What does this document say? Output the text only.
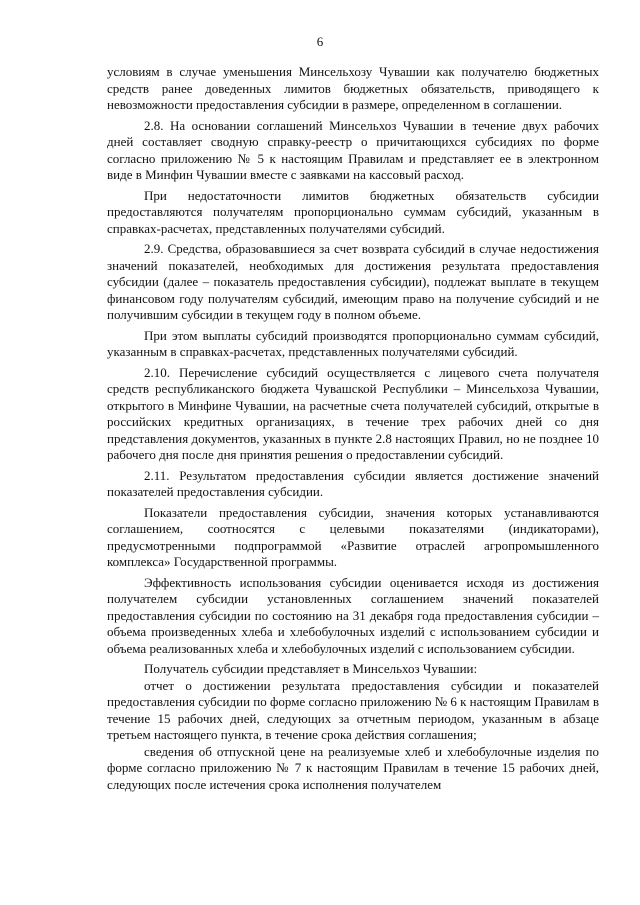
6

условиям в случае уменьшения Минсельхозу Чувашии как получателю бюджетных средств ранее доведенных лимитов бюджетных обязательств, приводящего к невозможности предоставления субсидии в размере, определенном в соглашении.

2.8. На основании соглашений Минсельхоз Чувашии в течение двух рабочих дней составляет сводную справку-реестр о причитающихся субсидиях по форме согласно приложению № 5 к настоящим Правилам и представляет ее в электронном виде в Минфин Чувашии вместе с заявками на кассовый расход.

При недостаточности лимитов бюджетных обязательств субсидии предоставляются получателям пропорционально суммам субсидий, указанным в справках-расчетах, представленных получателями субсидий.

2.9. Средства, образовавшиеся за счет возврата субсидий в случае недостижения значений показателей, необходимых для достижения результата предоставления субсидии (далее – показатель предоставления субсидии), подлежат выплате в текущем финансовом году получателям субсидий, имеющим право на получение субсидий и не получившим субсидии в текущем году в полном объеме.

При этом выплаты субсидий производятся пропорционально суммам субсидий, указанным в справках-расчетах, представленных получателями субсидий.

2.10. Перечисление субсидий осуществляется с лицевого счета получателя средств республиканского бюджета Чувашской Республики – Минсельхоза Чувашии, открытого в Минфине Чувашии, на расчетные счета получателей субсидий, открытые в российских кредитных организациях, в течение трех рабочих дней со дня представления документов, указанных в пункте 2.8 настоящих Правил, но не позднее 10 рабочего дня после дня принятия решения о предоставлении субсидий.

2.11. Результатом предоставления субсидии является достижение значений показателей предоставления субсидии.

Показатели предоставления субсидии, значения которых устанавливаются соглашением, соотносятся с целевыми показателями (индикаторами), предусмотренными подпрограммой «Развитие отраслей агропромышленного комплекса» Государственной программы.

Эффективность использования субсидии оценивается исходя из достижения получателем субсидии установленных соглашением значений показателей предоставления субсидии по состоянию на 31 декабря года предоставления субсидии – объема произведенных хлеба и хлебобулочных изделий с использованием субсидии и объема реализованных хлеба и хлебобулочных изделий с использованием субсидии.

Получатель субсидии представляет в Минсельхоз Чувашии:

отчет о достижении результата предоставления субсидии и показателей предоставления субсидии по форме согласно приложению № 6 к настоящим Правилам в течение 15 рабочих дней, следующих за отчетным периодом, указанным в абзаце третьем настоящего пункта, в течение срока действия соглашения;

сведения об отпускной цене на реализуемые хлеб и хлебобулочные изделия по форме согласно приложению № 7 к настоящим Правилам в течение 15 рабочих дней, следующих после истечения срока исполнения получателем
